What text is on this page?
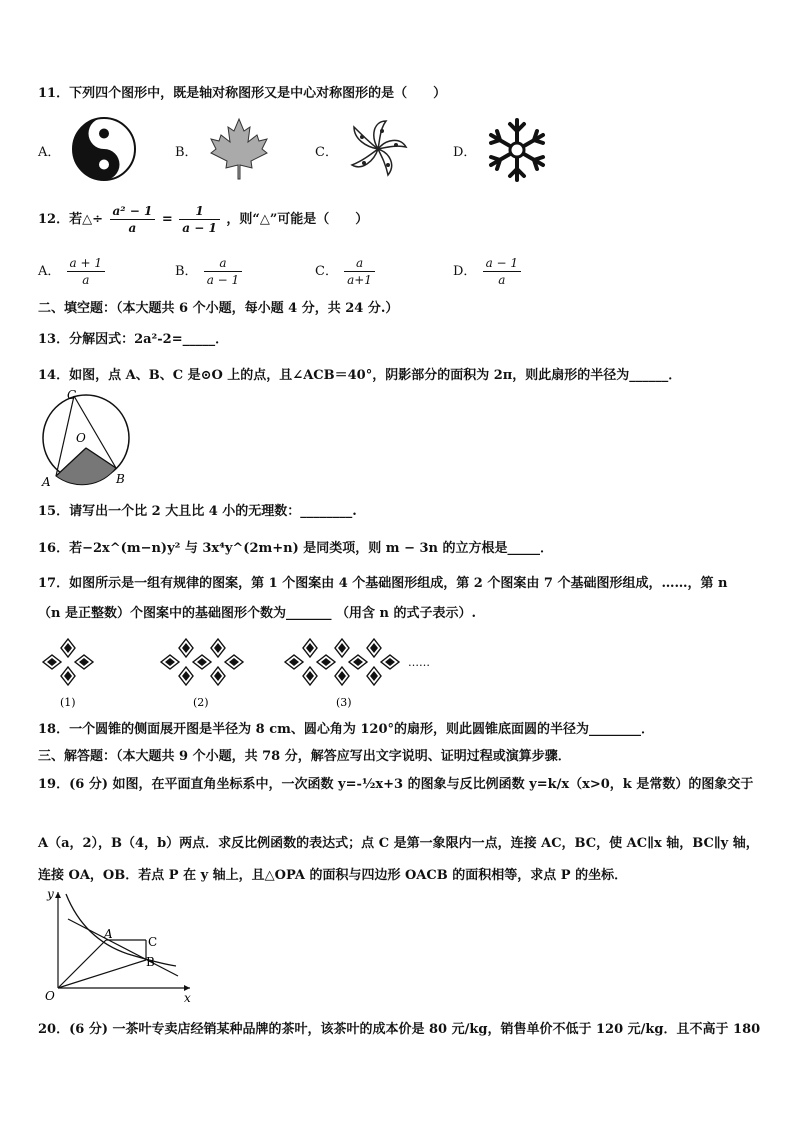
11．下列四个图形中，既是轴对称图形又是中心对称图形的是（　　）
A．	B．	C．	D．
12．若△÷ $\frac{\text{a² − 1}}{a} = \frac{1}{a - 1}$ ，则“△”可能是（　　）
A． $\frac{a + 1}{a}$	B． $\frac{a}{a - 1}$	C． $\frac{a}{a+1}$	D． $\frac{a - 1}{a}$
二、填空题：（本大题共 6 个小题，每小题 4 分，共 24 分.）
13．分解因式：2a²-2=_____．
14．如图，点 A、B、C 是⊙O 上的点，且∠ACB＝40°，阴影部分的面积为 2π，则此扇形的半径为______．
C
O
A	B
15．请写出一个比 2 大且比 4 小的无理数：________.
16．若−2x^(m−n)y² 与 3x⁴y^(2m+n) 是同类项，则 m − 3n 的立方根是_____．
17．如图所示是一组有规律的图案，第 1 个图案由 4 个基础图形组成，第 2 个图案由 7 个基础图形组成，……，第 n
（n 是正整数）个图案中的基础图形个数为_______ （用含 n 的式子表示）.
(1)	(2)	(3)
……
18．一个圆锥的侧面展开图是半径为 8 cm、圆心角为 120°的扇形，则此圆锥底面圆的半径为________．
三、解答题：（本大题共 9 个小题，共 78 分，解答应写出文字说明、证明过程或演算步骤．
19．(6 分) 如图，在平面直角坐标系中，一次函数 y=-½x+3 的图象与反比例函数 y=k/x（x>0，k 是常数）的图象交于
A（a，2），B（4，b）两点．求反比例函数的表达式；点 C 是第一象限内一点，连接 AC，BC，使 AC∥x 轴，BC∥y 轴，
连接 OA，OB．若点 P 在 y 轴上，且△OPA 的面积与四边形 OACB 的面积相等，求点 P 的坐标．
y
x
O
A
C
B
20．(6 分) 一茶叶专卖店经销某种品牌的茶叶，该茶叶的成本价是 80 元/kg，销售单价不低于 120 元/kg．且不高于 180
